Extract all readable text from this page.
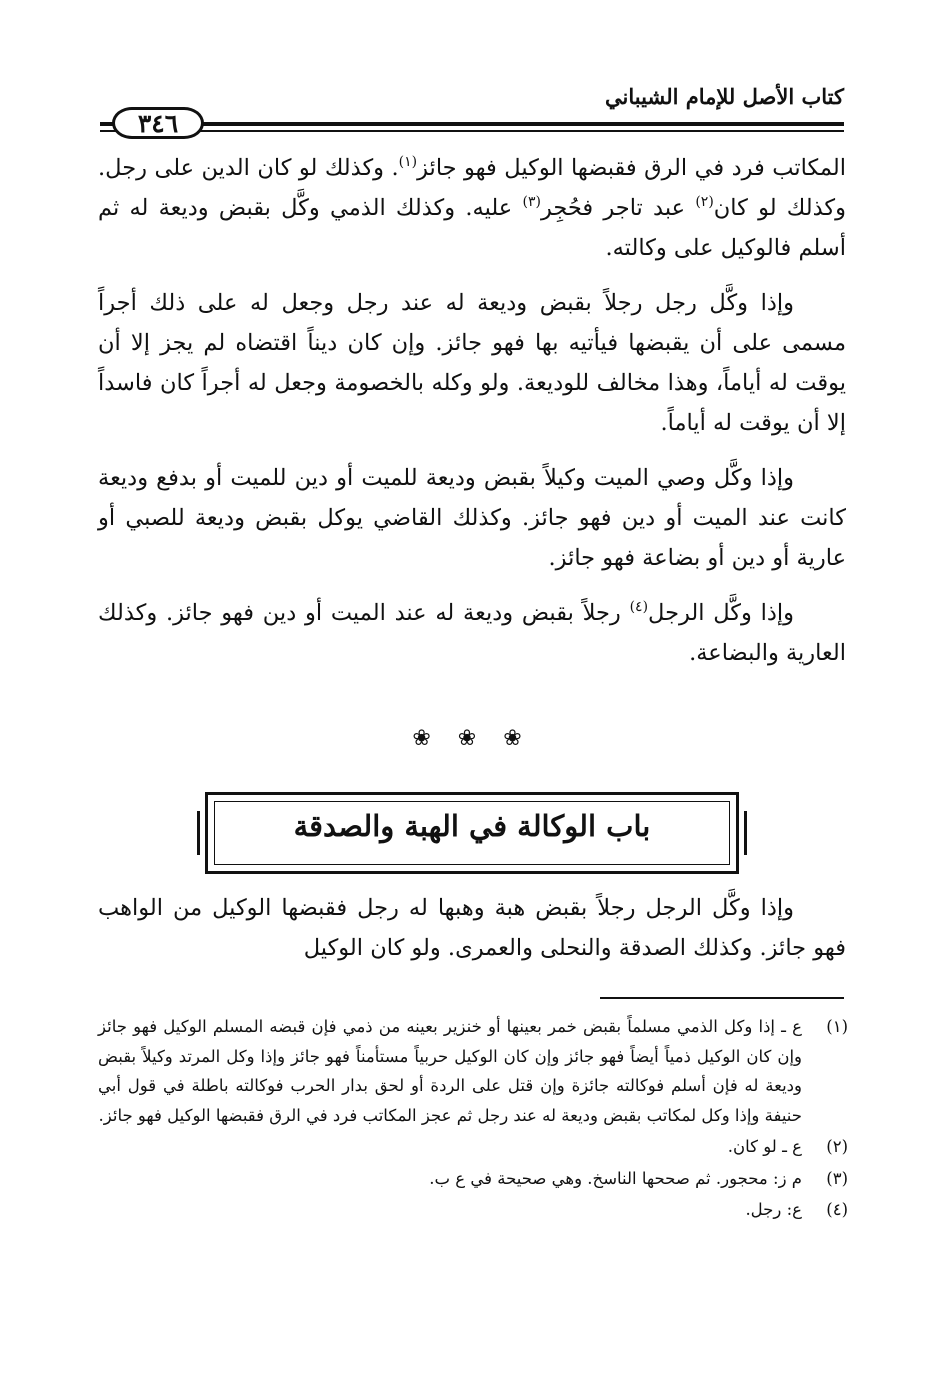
كتاب الأصل للإمام الشيباني
٣٤٦

المكاتب فرد في الرق فقبضها الوكيل فهو جائز$^{(١)}$. وكذلك لو كان الدين على رجل. وكذلك لو كان$^{(٢)}$ عبد تاجر فحُجِر$^{(٣)}$ عليه. وكذلك الذمي وكَّل بقبض وديعة له ثم أسلم فالوكيل على وكالته.

وإذا وكَّل رجل رجلاً بقبض وديعة له عند رجل وجعل له على ذلك أجراً مسمى على أن يقبضها فيأتيه بها فهو جائز. وإن كان ديناً اقتضاه لم يجز إلا أن يوقت له أياماً، وهذا مخالف للوديعة. ولو وكله بالخصومة وجعل له أجراً كان فاسداً إلا أن يوقت له أياماً.

وإذا وكَّل وصي الميت وكيلاً بقبض وديعة للميت أو دين للميت أو بدفع وديعة كانت عند الميت أو دين فهو جائز. وكذلك القاضي يوكل بقبض وديعة للصبي أو عارية أو دين أو بضاعة فهو جائز.

وإذا وكَّل الرجل$^{(٤)}$ رجلاً بقبض وديعة له عند الميت أو دين فهو جائز. وكذلك العارية والبضاعة.

❀ ❀ ❀

باب الوكالة في الهبة والصدقة

وإذا وكَّل الرجل رجلاً بقبض هبة وهبها له رجل فقبضها الوكيل من الواهب فهو جائز. وكذلك الصدقة والنحلى والعمرى. ولو كان الوكيل

(١)
ع ـ إذا وكل الذمي مسلماً بقبض خمر بعينها أو خنزير بعينه من ذمي فإن قبضه المسلم الوكيل فهو جائز وإن كان الوكيل ذمياً أيضاً فهو جائز وإن كان الوكيل حربياً مستأمناً فهو جائز وإذا وكل المرتد وكيلاً بقبض وديعة له فإن أسلم فوكالته جائزة وإن قتل على الردة أو لحق بدار الحرب فوكالته باطلة في قول أبي حنيفة وإذا وكل لمكاتب بقبض وديعة له عند رجل ثم عجز المكاتب فرد في الرق فقبضها الوكيل فهو جائز.
(٢)
ع ـ لو كان.
(٣)
م ز: محجور. ثم صححها الناسخ. وهي صحيحة في ع ب.
(٤)
ع: رجل.
